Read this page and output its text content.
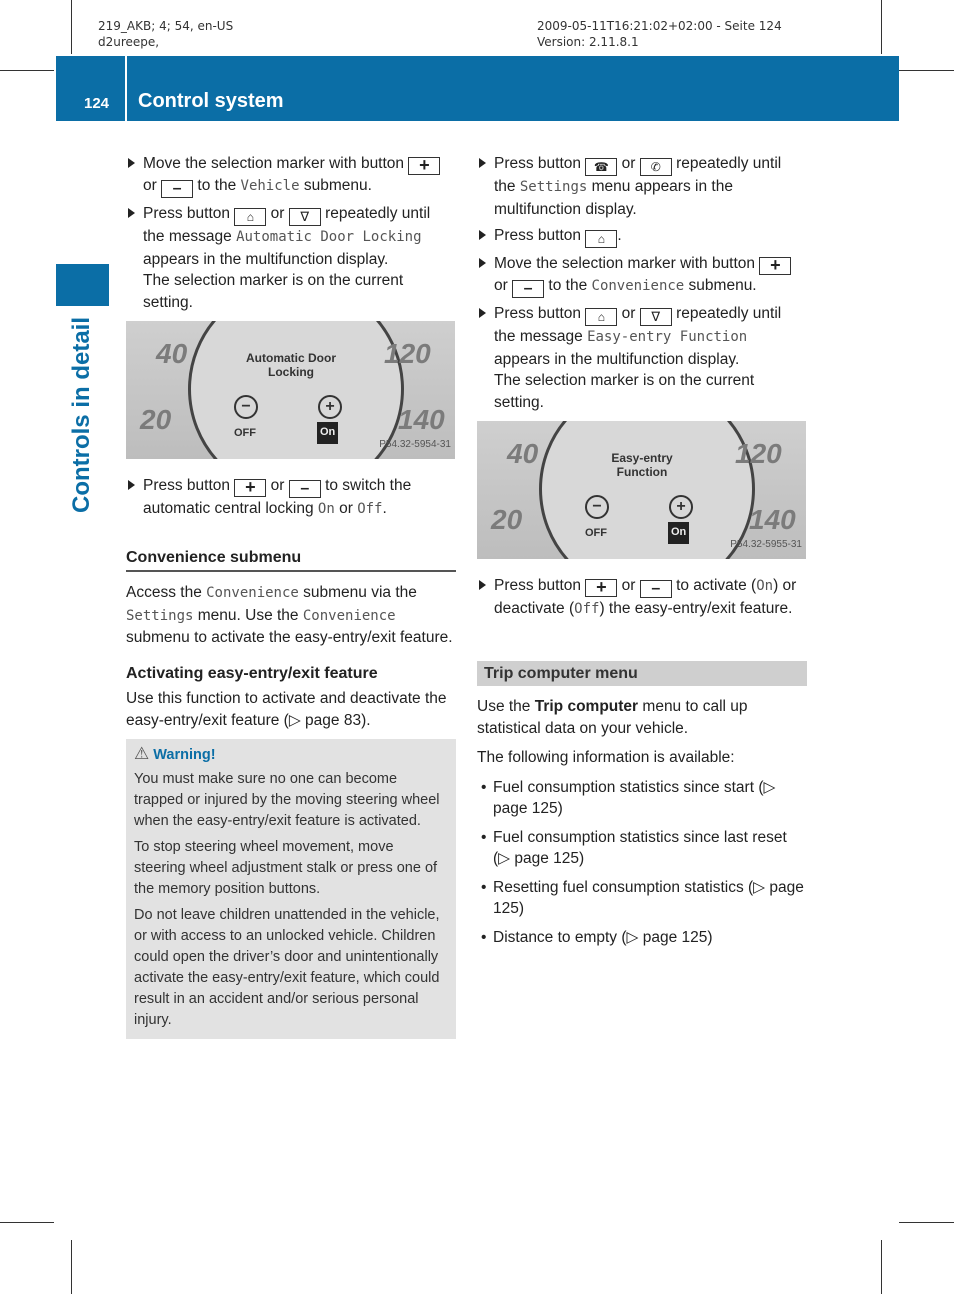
219_AKB; 4; 54, en-US
d2ureepe,
2009-05-11T16:21:02+02:00 - Seite 124
Version: 2.11.8.1
124 Control system
Controls in detail
Move the selection marker with button + or –	to the Vehicle submenu.
Press button ⌂	or ∇	repeatedly until the message Automatic Door Locking appears in the multifunction display.
The selection marker is on the current setting.
40	120
20	140
Automatic Door Locking
−	+
OFF	On
P54.32-5954-31
Press button +	or –	to switch the automatic central locking On or Off.
Convenience submenu
Access the Convenience submenu via the Settings menu. Use the Convenience submenu to activate the easy-entry/exit feature.
Activating easy-entry/exit feature
Use this function to activate and deactivate the easy-entry/exit feature (▷ page 83).
⚠ Warning!

You must make sure no one can become trapped or injured by the moving steering wheel when the easy-entry/exit feature is activated.

To stop steering wheel movement, move steering wheel adjustment stalk or press one of the memory position buttons.

Do not leave children unattended in the vehicle, or with access to an unlocked vehicle. Children could open the driver’s door and unintentionally activate the easy-entry/exit feature, which could result in an accident and/or serious personal injury.

Press button ☎	or ✆	repeatedly until the Settings menu appears in the multifunction display.
Press button ⌂ .
Move the selection marker with button + or –	to the Convenience submenu.
Press button ⌂	or ∇	repeatedly until the message Easy-entry Function appears in the multifunction display.
The selection marker is on the current setting.
40	120
20	140
Easy-entry Function
−	+
OFF	On
P54.32-5955-31
Press button +	or –	to activate (On) or deactivate (Off) the easy-entry/exit feature.
Trip computer menu
Use the Trip computer menu to call up statistical data on your vehicle.
The following information is available:
• Fuel consumption statistics since start (▷ page 125)
• Fuel consumption statistics since last reset (▷ page 125)
• Resetting fuel consumption statistics (▷ page 125)
• Distance to empty (▷ page 125)
